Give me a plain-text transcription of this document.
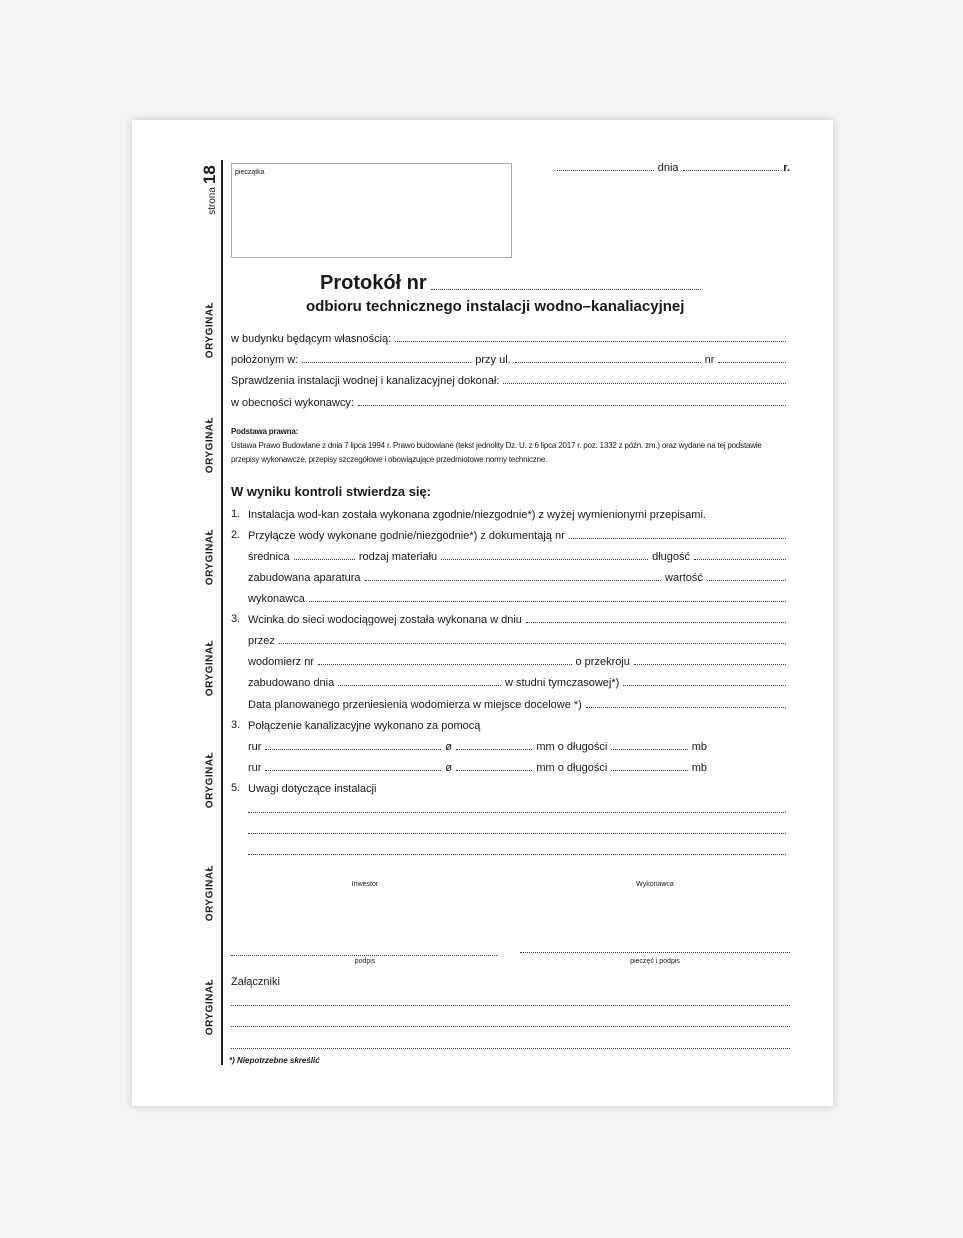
strona18
ORYGINAŁ
ORYGINAŁ
ORYGINAŁ
ORYGINAŁ
ORYGINAŁ
ORYGINAŁ
ORYGINAŁ
pieczątka	dnia	r.
Protokół nr
odbioru technicznego instalacji wodno–kanaliacyjnej
w budynku będącym własnością:
położonym w:	przy ul.	nr
Sprawdzenia instalacji wodnej i kanalizacyjnej dokonał:
w obecności wykonawcy:
Podstawa prawna:
Ustawa Prawo Budowlane z dnia 7 lipca 1994 r. Prawo budowlane (tekst jednolity Dz. U. z 6 lipca 2017 r. poz. 1332 z późn. zm.) oraz wydane na tej podstawie
przepisy wykonawcze, przepisy szczegółowe i obowiązujące przedmiotowe normy techniczne.
W wyniku kontroli stwierdza się:
1. Instalacja wod-kan została wykonana zgodnie/niezgodnie*) z wyżej wymienionymi przepisami.
2. Przyłącze wody wykonane godnie/niezgodnie*) z dokumentają nr
średnica	rodzaj materiału	długość
zabudowana aparatura	wartość
wykonawca
3. Wcinka do sieci wodociągowej została wykonana w dniu
przez
wodomierz nr	o przekroju
zabudowano dnia	w studni tymczasowej*)
Data planowanego przeniesienia wodomierza w miejsce docelowe *)
3. Połączenie kanalizacyjne wykonano za pomocą
rur	ø	mm o długości	mb
rur	ø	mm o długości	mb
5. Uwagi dotyczące instalacji
Inwestor	Wykonawca
podpis	pieczęć i podpis
Załączniki
*) Niepotrzebne skreślić
